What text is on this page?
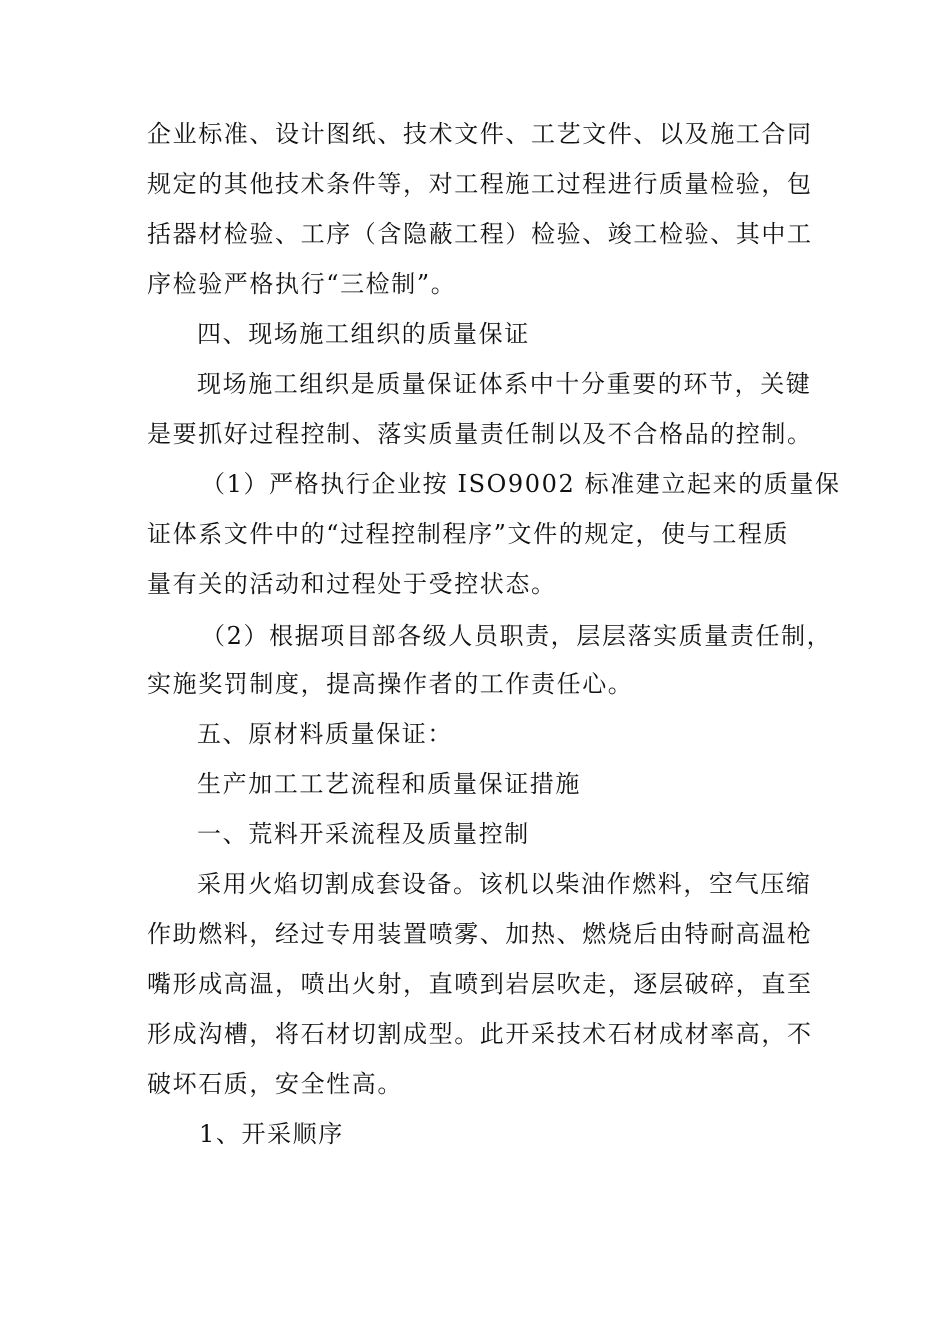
企业标准、设计图纸、技术文件、工艺文件、以及施工合同
规定的其他技术条件等，对工程施工过程进行质量检验，包
括器材检验、工序（含隐蔽工程）检验、竣工检验、其中工
序检验严格执行“三检制”。
四、现场施工组织的质量保证
现场施工组织是质量保证体系中十分重要的环节，关键
是要抓好过程控制、落实质量责任制以及不合格品的控制。
（1）严格执行企业按 ISO9002 标准建立起来的质量保
证体系文件中的“过程控制程序”文件的规定，使与工程质
量有关的活动和过程处于受控状态。
（2）根据项目部各级人员职责，层层落实质量责任制，
实施奖罚制度，提高操作者的工作责任心。
五、原材料质量保证：
生产加工工艺流程和质量保证措施
一、荒料开采流程及质量控制
采用火焰切割成套设备。该机以柴油作燃料，空气压缩
作助燃料，经过专用装置喷雾、加热、燃烧后由特耐高温枪
嘴形成高温，喷出火射，直喷到岩层吹走，逐层破碎，直至
形成沟槽，将石材切割成型。此开采技术石材成材率高，不
破坏石质，安全性高。
1、开采顺序
